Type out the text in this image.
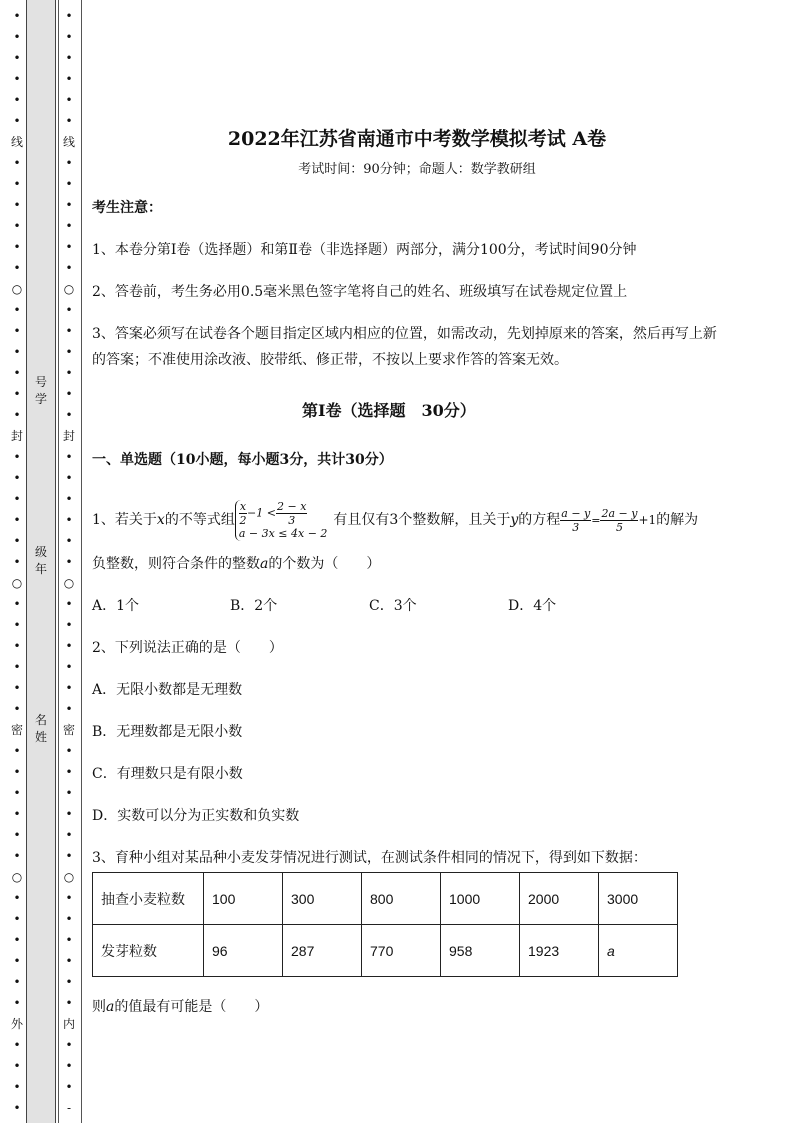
•
•
•
•
•
•
线
•
•
•
•
•
•
○
•
•
•
•
•
•
封
•
•
•
•
•
•
○
•
•
•
•
•
•
密
•
•
•
•
•
•
○
•
•
•
•
•
•
外
•
•
•
•
号
学
级
年
名
姓
•
•
•
•
•
•
线
•
•
•
•
•
•
○
•
•
•
•
•
•
封
•
•
•
•
•
•
○
•
•
•
•
•
•
密
•
•
•
•
•
•
○
•
•
•
•
•
•
内
•
•
•
-
2022年江苏省南通市中考数学模拟考试 A卷
考试时间：90分钟；命题人：数学教研组
考生注意：
1、本卷分第I卷（选择题）和第Ⅱ卷（非选择题）两部分，满分100分，考试时间90分钟
2、答卷前，考生务必用0.5毫米黑色签字笔将自己的姓名、班级填写在试卷规定位置上
3、答案必须写在试卷各个题目指定区域内相应的位置，如需改动，先划掉原来的答案，然后再写上新
的答案；不准使用涂改液、胶带纸、修正带，不按以上要求作答的答案无效。
第I卷（选择题　30分）
一、单选题（10小题，每小题3分，共计30分）
1、若关于x的不等式组 $\frac{x}{2} -1 < \frac{2 - x}{3}$
a − 3x ≤ 4x − 2
有且仅有3个整数解，且关于y的方程 $\frac{a - y}{3} = \frac{2a - y}{5} +1$的解为
负整数，则符合条件的整数a的个数为（　　）
A．1个	B．2个	C．3个	D．4个
2、下列说法正确的是（　　）
A．无限小数都是无理数
B．无理数都是无限小数
C．有理数只是有限小数
D．实数可以分为正实数和负实数
3、育种小组对某品种小麦发芽情况进行测试，在测试条件相同的情况下，得到如下数据：
抽查小麦粒数	100	300	800	1000	2000	3000
发芽粒数	96	287	770	958	1923	a
则a的值最有可能是（　　）
